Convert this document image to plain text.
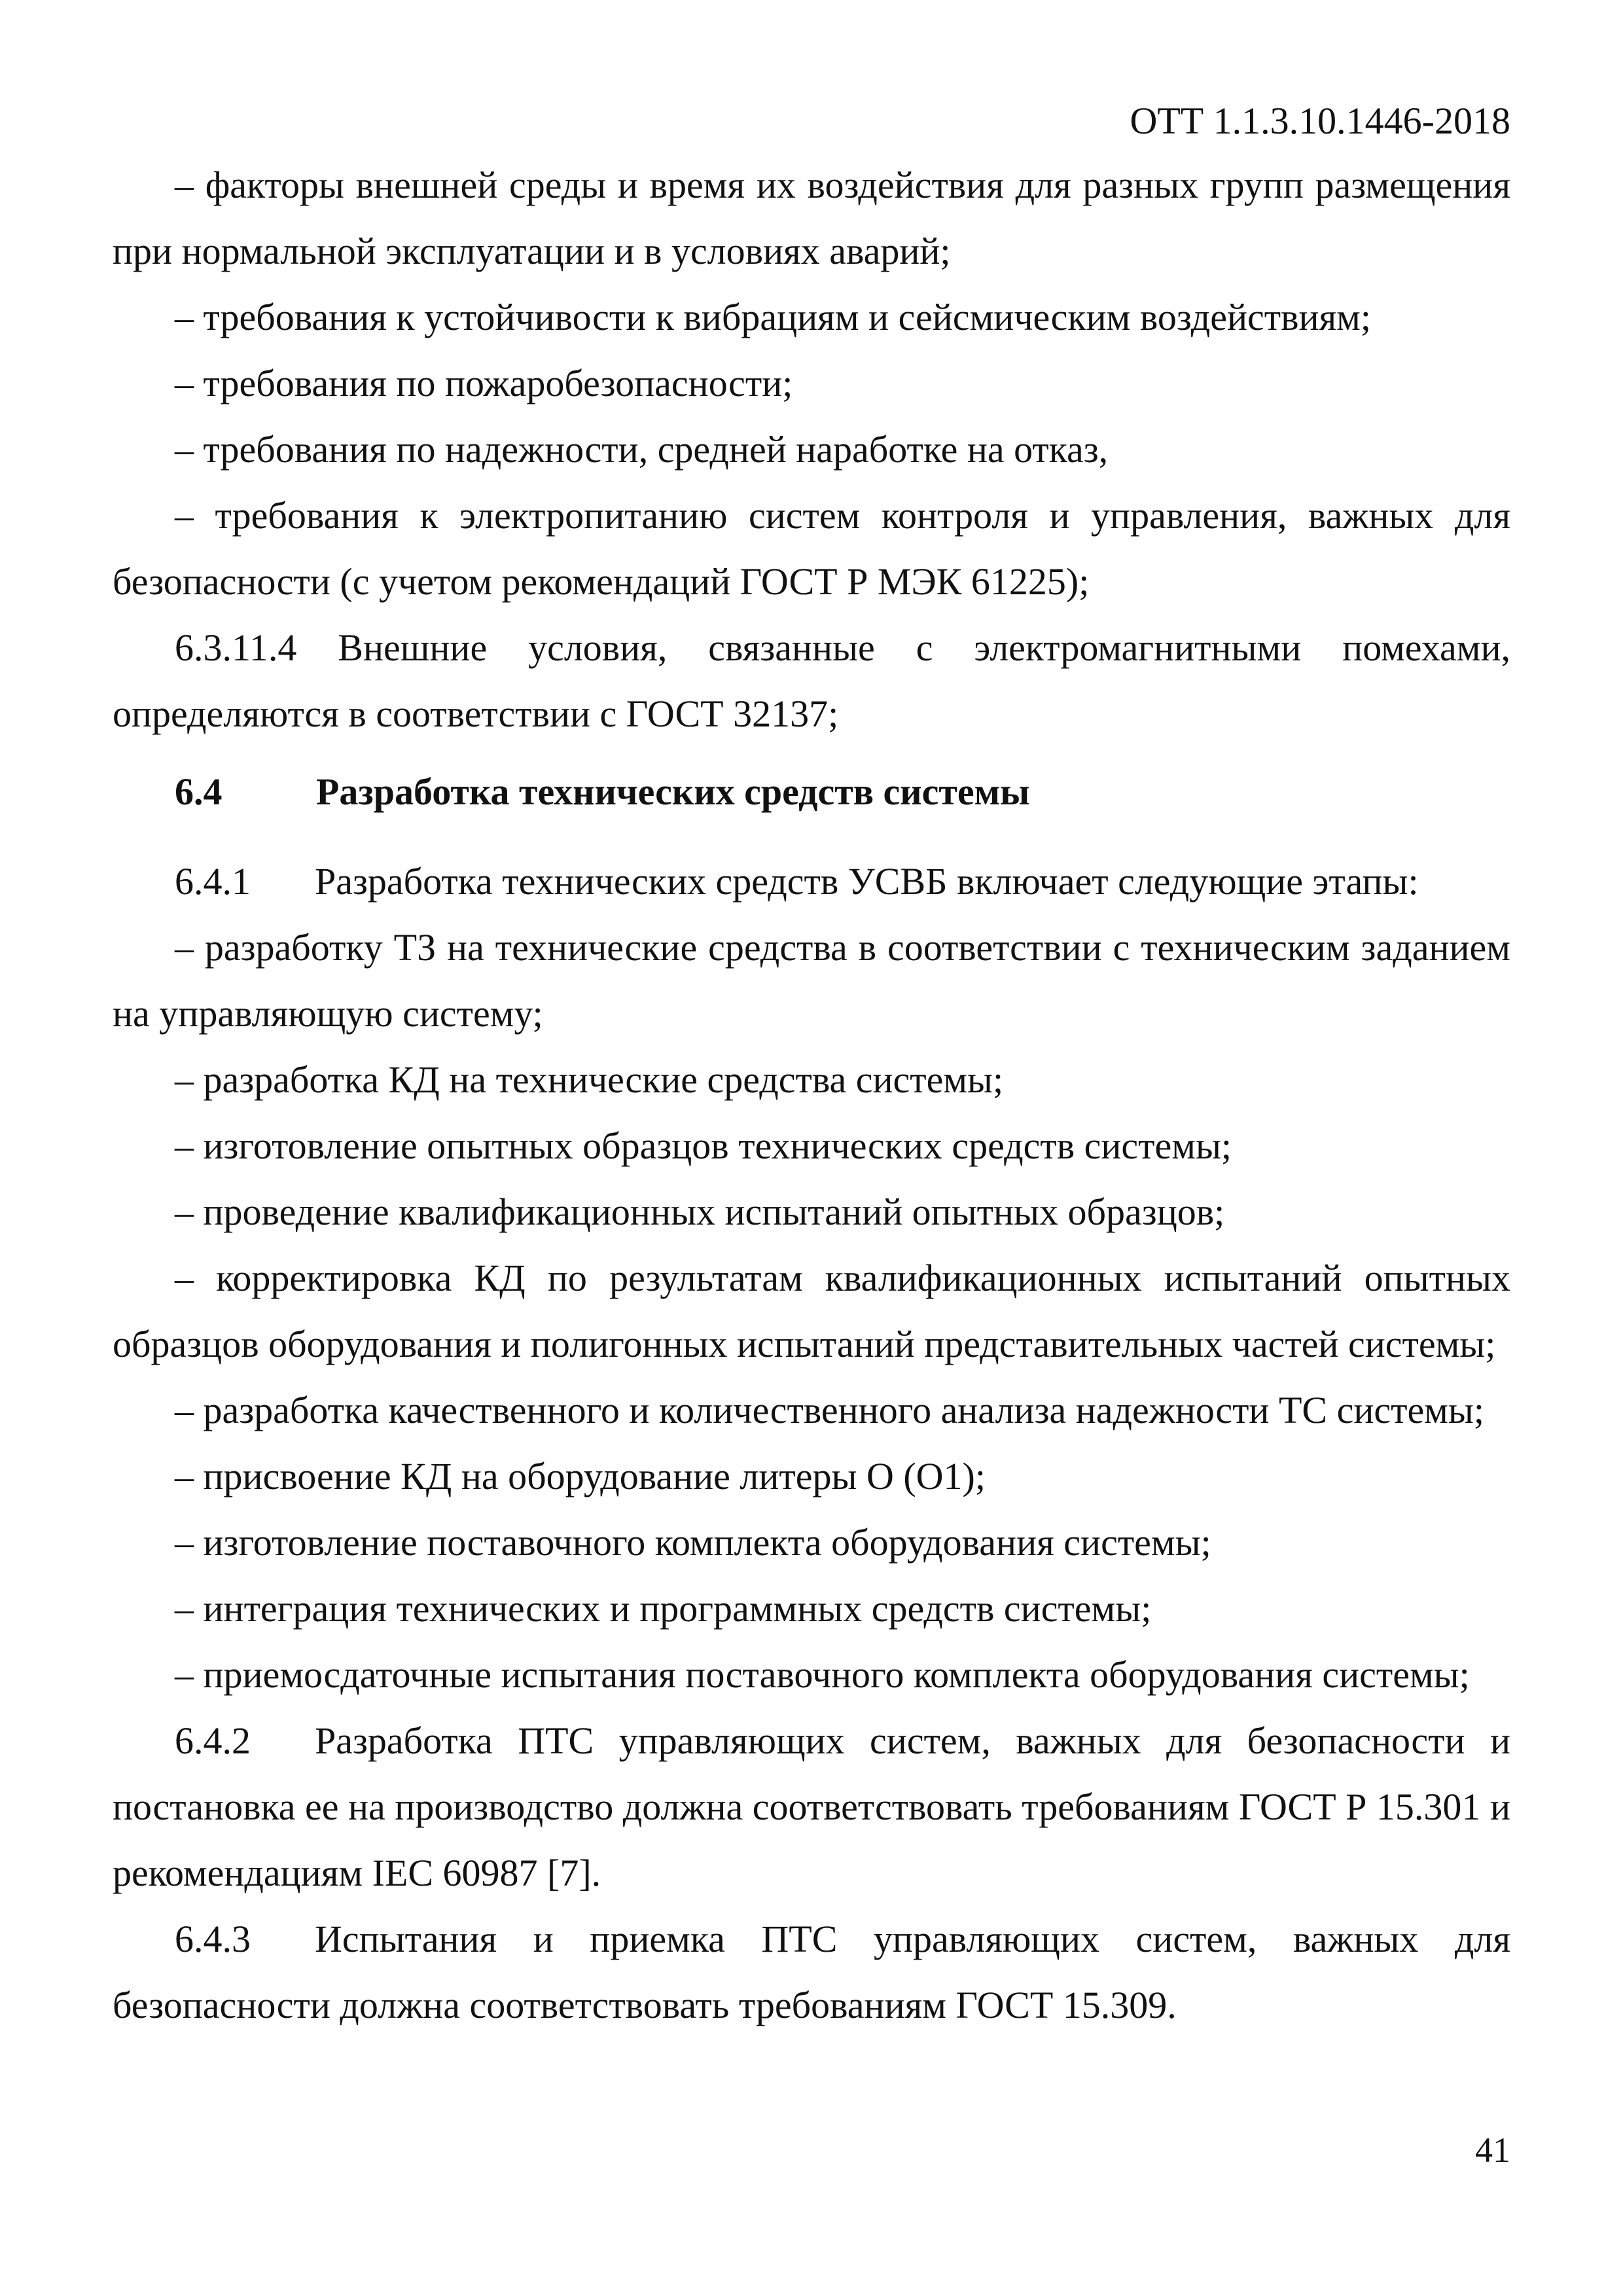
ОТТ 1.1.3.10.1446-2018

– факторы внешней среды и время их воздействия для разных групп размещения при нормальной эксплуатации и в условиях аварий;

– требования к устойчивости к вибрациям и сейсмическим воздействиям;

– требования по пожаробезопасности;

– требования по надежности, средней наработке на отказ,

– требования к электропитанию систем контроля и управления, важных для безопасности (с учетом рекомендаций ГОСТ Р МЭК 61225);

6.3.11.4 Внешние условия, связанные с электромагнитными помехами, определяются в соответствии с ГОСТ 32137;

6.4 Разработка технических средств системы

6.4.1 Разработка технических средств УСВБ включает следующие этапы:

– разработку ТЗ на технические средства в соответствии с техническим заданием на управляющую систему;

– разработка КД на технические средства системы;

– изготовление опытных образцов технических средств системы;

– проведение квалификационных испытаний опытных образцов;

– корректировка КД по результатам квалификационных испытаний опытных образцов оборудования и полигонных испытаний представительных частей системы;

– разработка качественного и количественного анализа надежности ТС системы;

– присвоение КД на оборудование литеры О (О1);

– изготовление поставочного комплекта оборудования системы;

– интеграция технических и программных средств системы;

– приемосдаточные испытания поставочного комплекта оборудования системы;

6.4.2 Разработка ПТС управляющих систем, важных для безопасности и постановка ее на производство должна соответствовать требованиям ГОСТ Р 15.301 и рекомендациям IEC 60987 [7].

6.4.3 Испытания и приемка ПТС управляющих систем, важных для безопасности должна соответствовать требованиям ГОСТ 15.309.

41
